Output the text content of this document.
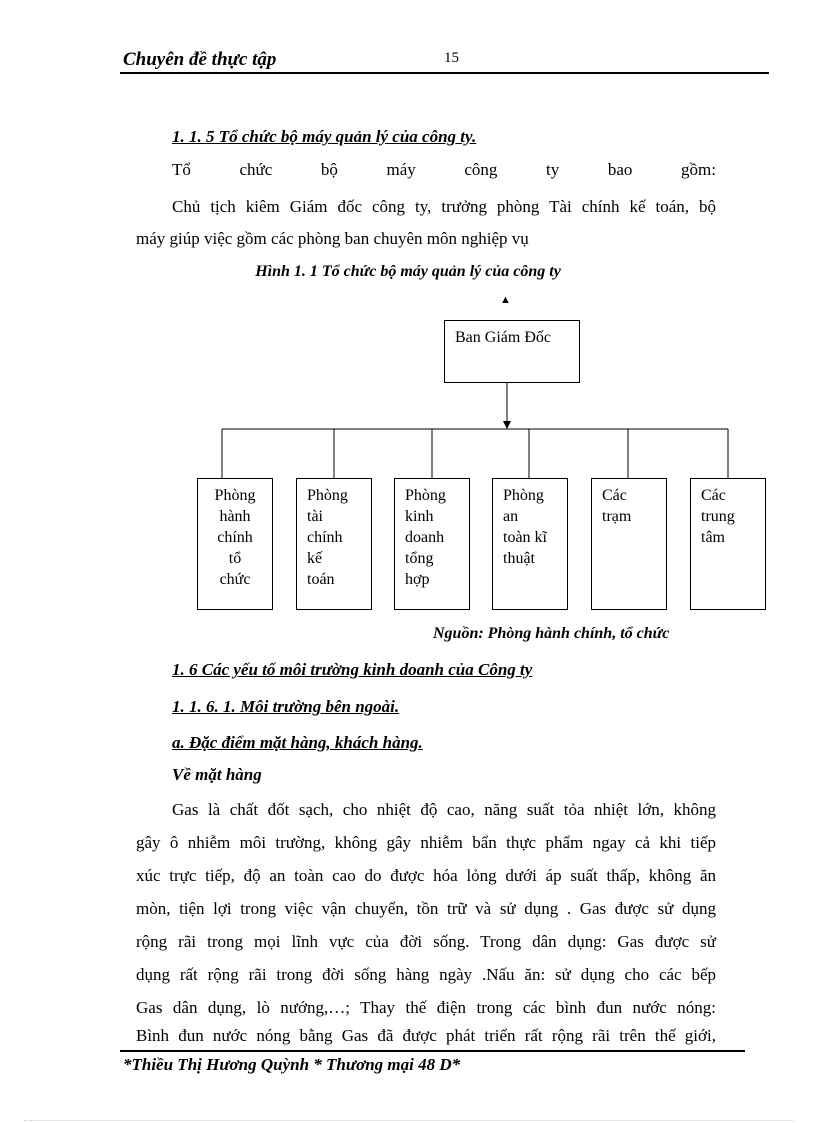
Chuyên đề thực tập	15
1. 1. 5 Tổ chức bộ máy quản lý của công ty.
Tổ	chức	bộ	máy	công	ty	bao	gồm:
Chủ tịch kiêm Giám đốc công ty, trưởng phòng Tài chính kế toán, bộ
máy giúp việc gồm các phòng ban chuyên môn nghiệp vụ
Hình 1. 1 Tổ chức bộ máy quản lý của công ty
▲
Ban Giám Đốc
Phòng
hành
chính
tổ
chức
Phòng
tài
chính
kế
toán
Phòng
kinh
doanh
tổng
hợp
Phòng
an
toàn kĩ
thuật
Các
trạm
Các
trung
tâm
Nguồn: Phòng hành chính, tổ chức
1. 6 Các yếu tố môi trường kinh doanh của Công ty
1. 1. 6. 1. Môi trường bên ngoài.
a. Đặc điểm mặt hàng, khách hàng.
Về mặt hàng
Gas là chất đốt sạch, cho nhiệt độ cao, năng suất tỏa nhiệt lớn, không
gây ô nhiễm môi trường, không gây nhiễm bẩn thực phẩm ngay cả khi tiếp
xúc trực tiếp, độ an toàn cao do được hóa lỏng dưới áp suất thấp, không ăn
mòn, tiện lợi trong việc vận chuyển, tồn trữ và sử dụng . Gas được sử dụng
rộng rãi trong mọi lĩnh vực của đời sống. Trong dân dụng: Gas được sử
dụng rất rộng rãi trong đời sống hàng ngày .Nấu ăn: sử dụng cho các bếp
Gas dân dụng, lò nướng,…; Thay thế điện trong các bình đun nước nóng:
Bình đun nước nóng bằng Gas đã được phát triển rất rộng rãi trên thế giới,
*Thiều Thị Hương Quỳnh * Thương mại 48 D*
